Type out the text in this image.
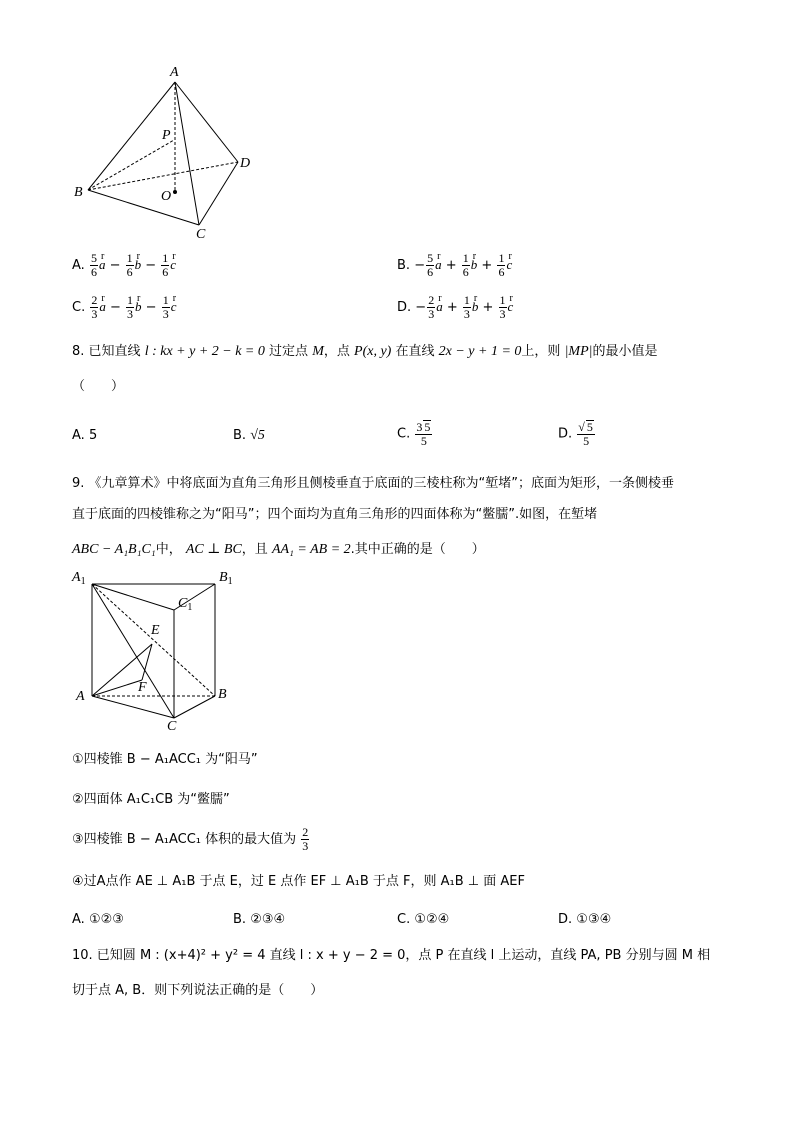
A
P
D
B	O
C
A. $\frac{5}{6}$ r $a - \frac{1}{6}$ r $b - \frac{1}{6}$ r c	B. − $\frac{5}{6}$ r $a + \frac{1}{6}$ r $b + \frac{1}{6}$ r c
C. $\frac{2}{3}$ r $a - \frac{1}{3}$ r $b - \frac{1}{3}$ r c	D. − $\frac{2}{3}$ r $a + \frac{1}{3}$ r $b + \frac{1}{3}$ r c
8. 已知直线 l : kx + y + 2 − k = 0 过定点 M，点 P(x, y) 在直线 2x − y + 1 = 0上，则 |MP|的最小值是
（　　）
A. 5	B. √5	C. $\frac{3 5}{5}$	D. $\frac{√ 5}{5}$
9. 《九章算术》中将底面为直角三角形且侧棱垂直于底面的三棱柱称为“堑堵”；底面为矩形，一条侧棱垂
直于底面的四棱锥称之为“阳马”；四个面均为直角三角形的四面体称为“鳖臑”.如图，在堑堵
ABC − A₁B₁C₁中， AC ⊥ BC，且 AA₁ = AB = 2.其中正确的是（　　）
$A_1$	$B_1$
$C_1$
E
F
A	B
C
①四棱锥 B − A₁ACC₁ 为“阳马”
②四面体 A₁C₁CB 为“鳖臑”
③四棱锥 B − A₁ACC₁ 体积的最大值为 $\frac{2}{3}$
④过A点作 AE ⊥ A₁B 于点 E，过 E 点作 EF ⊥ A₁B 于点 F，则 A₁B ⊥ 面 AEF
A. ①②③	B. ②③④	C. ①②④	D. ①③④
10. 已知圆 M : (x+4)² + y² = 4 直线 l : x + y − 2 = 0，点 P 在直线 l 上运动，直线 PA, PB 分别与圆 M 相
切于点 A, B．则下列说法正确的是（　　）
